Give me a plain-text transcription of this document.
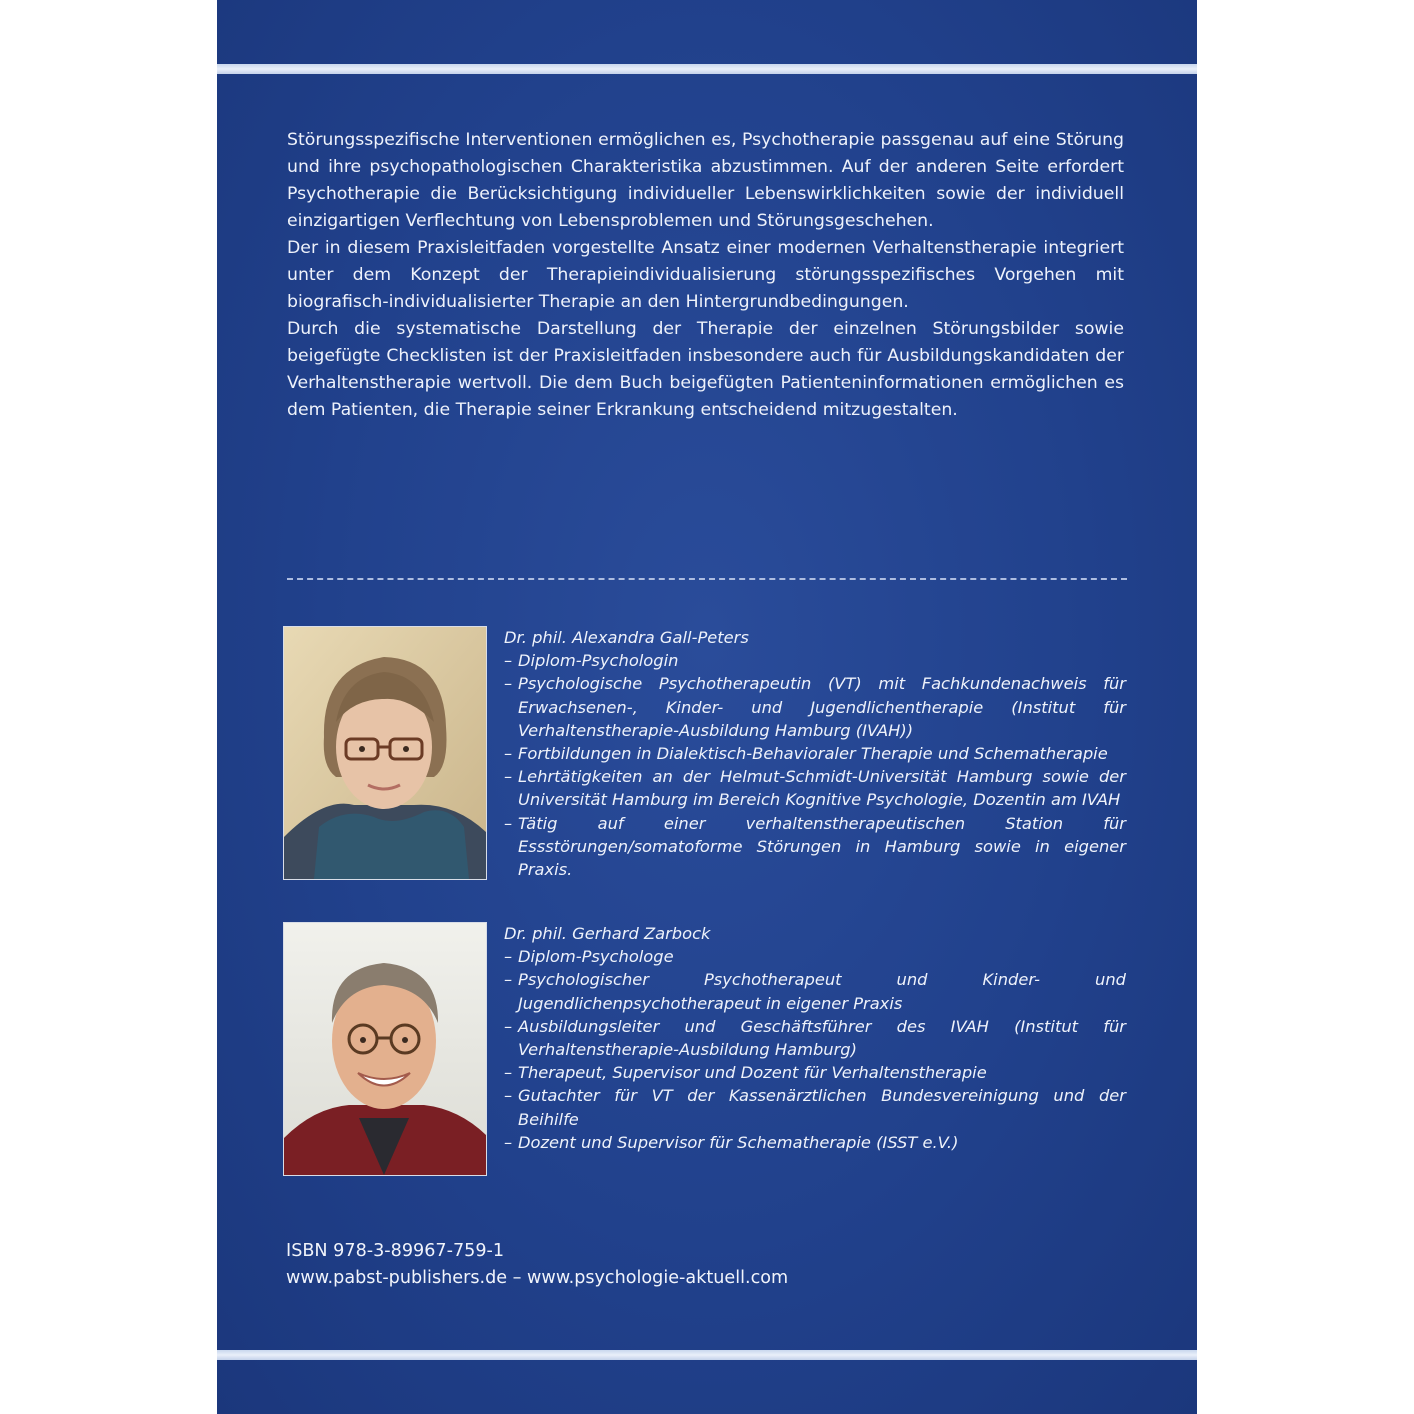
Störungsspezifische Interventionen ermöglichen es, Psychotherapie passgenau auf eine Störung und ihre psychopathologischen Charakteristika abzustimmen. Auf der anderen Seite erfordert Psychotherapie die Berücksichtigung individueller Lebenswirklichkeiten sowie der individuell einzigartigen Verflechtung von Lebensproblemen und Störungsgeschehen.

Der in diesem Praxisleitfaden vorgestellte Ansatz einer modernen Verhaltenstherapie integriert unter dem Konzept der Therapieindividualisierung störungsspezifisches Vorgehen mit biografisch-individualisierter Therapie an den Hintergrundbedingungen.

Durch die systematische Darstellung der Therapie der einzelnen Störungsbilder sowie beigefügte Checklisten ist der Praxisleitfaden insbesondere auch für Ausbildungskandidaten der Verhaltenstherapie wertvoll. Die dem Buch beigefügten Patienteninformationen ermöglichen es dem Patienten, die Therapie seiner Erkrankung entscheidend mitzugestalten.

Dr. phil. Alexandra Gall-Peters

– Diplom-Psychologin
– Psychologische Psychotherapeutin (VT) mit Fachkundenachweis für Erwachsenen-, Kinder- und Jugendlichentherapie (Institut für Verhaltenstherapie-Ausbildung Hamburg (IVAH))
– Fortbildungen in Dialektisch-Behavioraler Therapie und Schematherapie
– Lehrtätigkeiten an der Helmut-Schmidt-Universität Hamburg sowie der Universität Hamburg im Bereich Kognitive Psychologie, Dozentin am IVAH
– Tätig auf einer verhaltenstherapeutischen Station für Essstörungen/somatoforme Störungen in Hamburg sowie in eigener Praxis.

Dr. phil. Gerhard Zarbock

– Diplom-Psychologe
– Psychologischer Psychotherapeut und Kinder- und Jugendlichenpsychotherapeut in eigener Praxis
– Ausbildungsleiter und Geschäftsführer des IVAH (Institut für Verhaltenstherapie-Ausbildung Hamburg)
– Therapeut, Supervisor und Dozent für Verhaltenstherapie
– Gutachter für VT der Kassenärztlichen Bundesvereinigung und der Beihilfe
– Dozent und Supervisor für Schematherapie (ISST e.V.)
ISBN 978-3-89967-759-1
www.pabst-publishers.de – www.psychologie-aktuell.com
